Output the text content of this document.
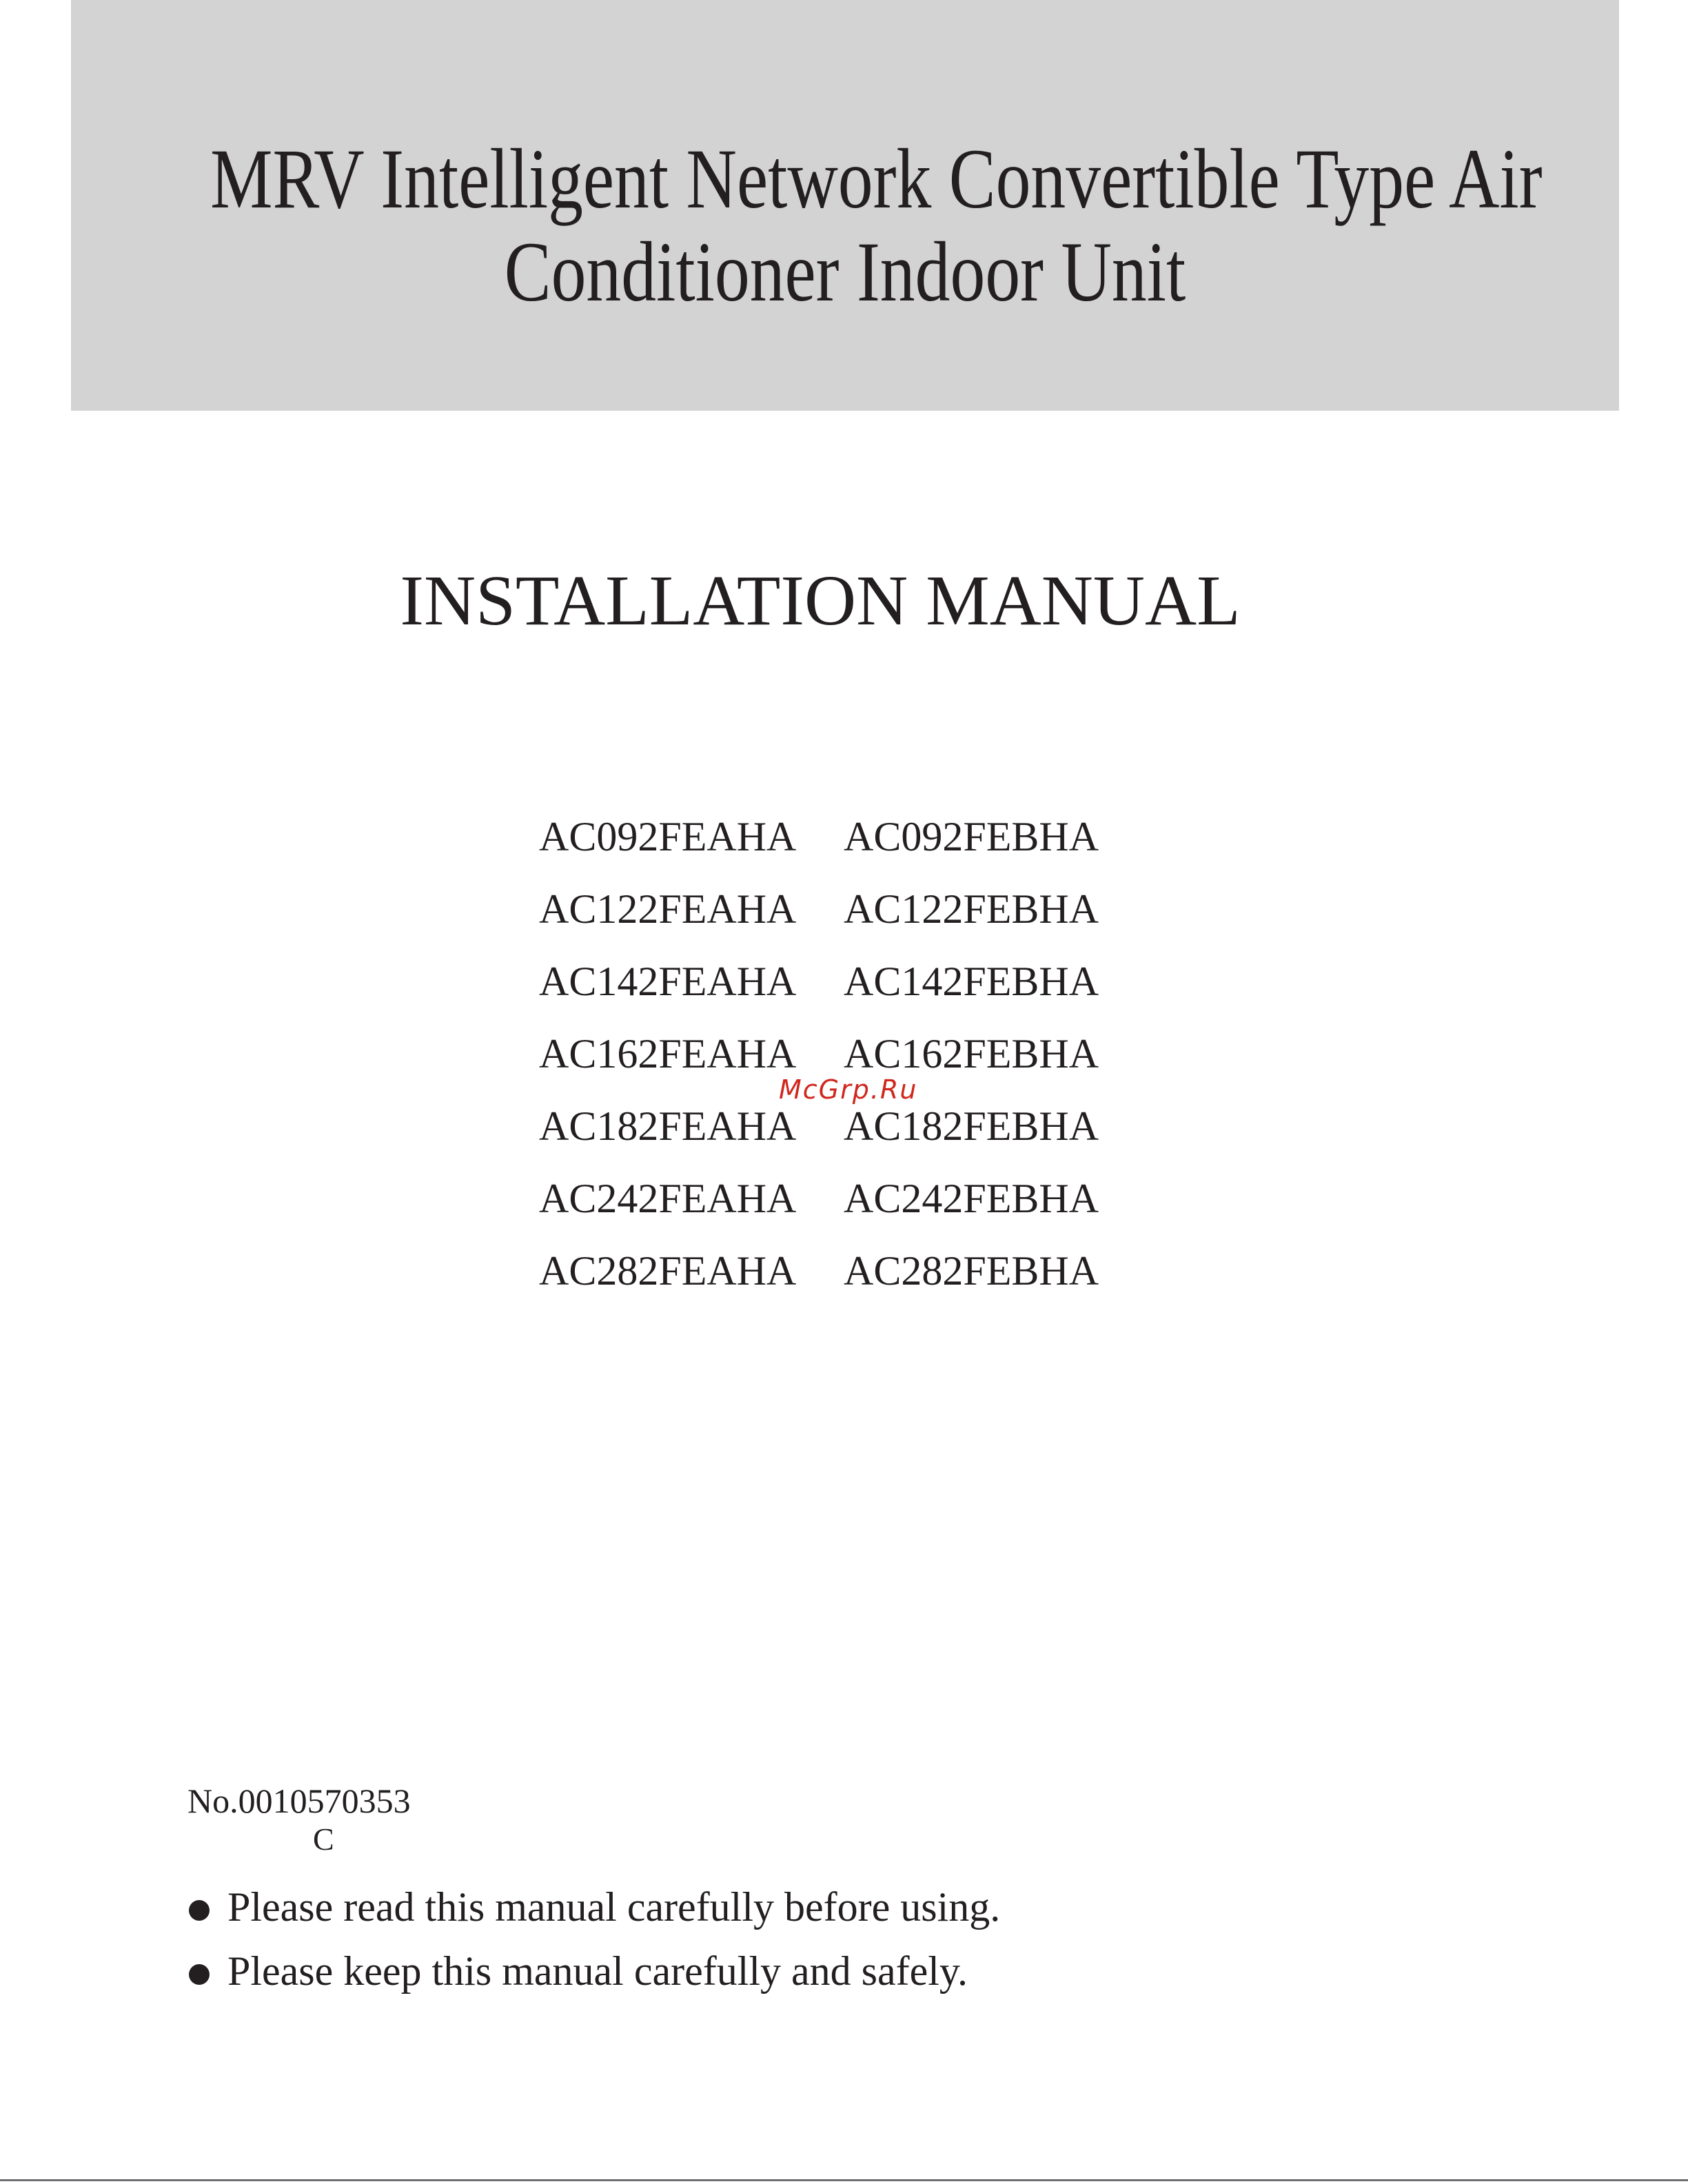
MRV Intelligent Network Convertible Type Air
Conditioner Indoor Unit
INSTALLATION MANUAL
AC092FEAHA AC092FEBHA
AC122FEAHA AC122FEBHA
AC142FEAHA AC142FEBHA
AC162FEAHA AC162FEBHA
AC182FEAHA AC182FEBHA
AC242FEAHA AC242FEBHA
AC282FEAHA AC282FEBHA
McGrp.Ru
No.0010570353
C
Please read this manual carefully before using.
Please keep this manual carefully and safely.
